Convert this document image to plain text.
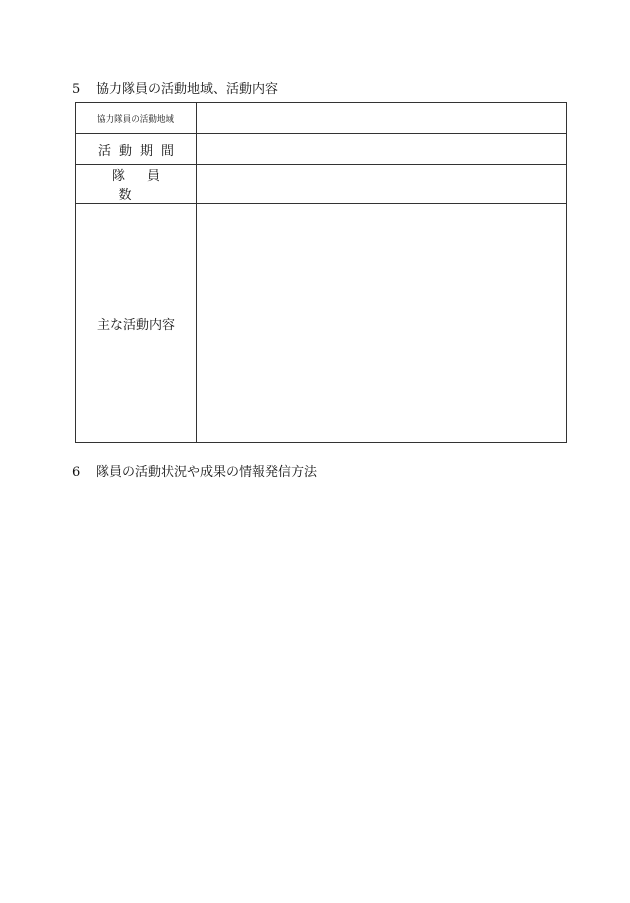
5 協力隊員の活動地域、活動内容
協力隊員の活動地域	
活動期間	
隊員数	
主な活動内容	
6 隊員の活動状況や成果の情報発信方法
